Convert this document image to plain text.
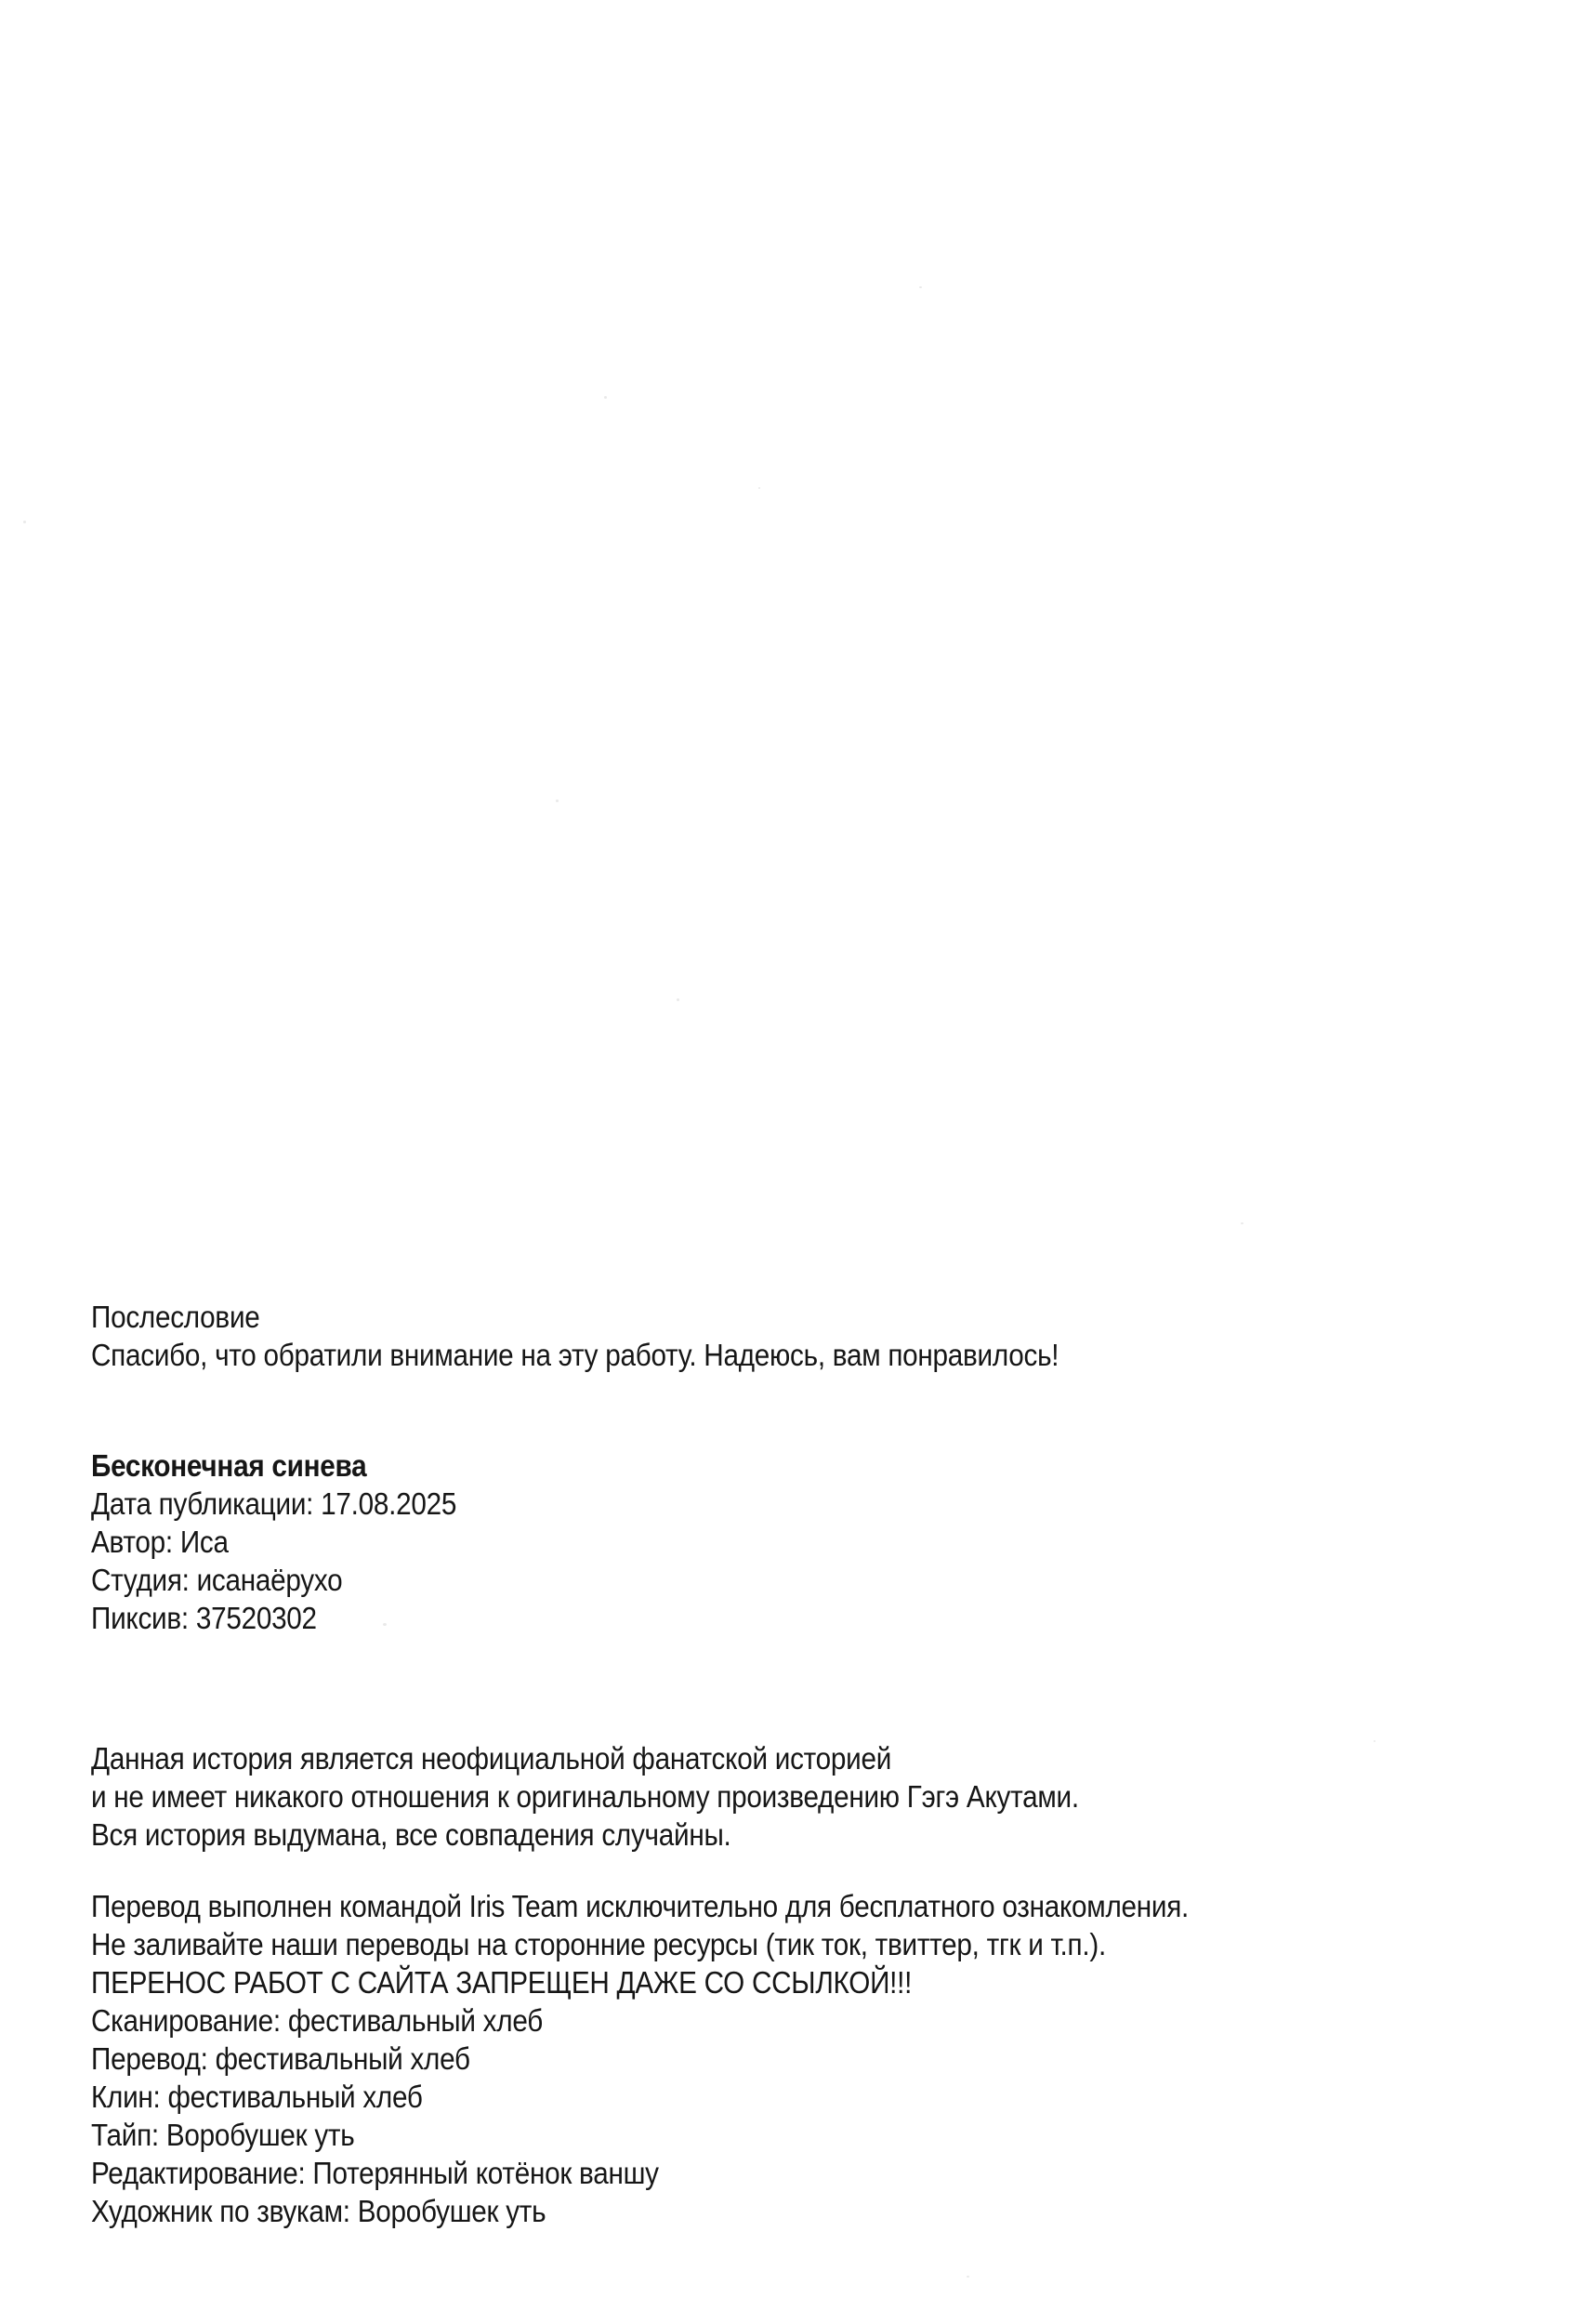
Послесловие

Спасибо, что обратили внимание на эту работу. Надеюсь, вам понравилось!

Бесконечная синева

Дата публикации: 17.08.2025

Автор: Иса

Студия: исанаёрухо

Пиксив: 37520302

Данная история является неофициальной фанатской историей

и не имеет никакого отношения к оригинальному произведению Гэгэ Акутами.

Вся история выдумана, все совпадения случайны.

Перевод выполнен командой Iris Team исключительно для бесплатного ознакомления.

Не заливайте наши переводы на сторонние ресурсы (тик ток, твиттер, тгк и т.п.).

ПЕРЕНОС РАБОТ С САЙТА ЗАПРЕЩЕН ДАЖЕ СО ССЫЛКОЙ!!!

Сканирование: фестивальный хлеб

Перевод: фестивальный хлеб

Клин: фестивальный хлеб

Тайп: Воробушек уть

Редактирование: Потерянный котёнок ваншу

Художник по звукам: Воробушек уть
